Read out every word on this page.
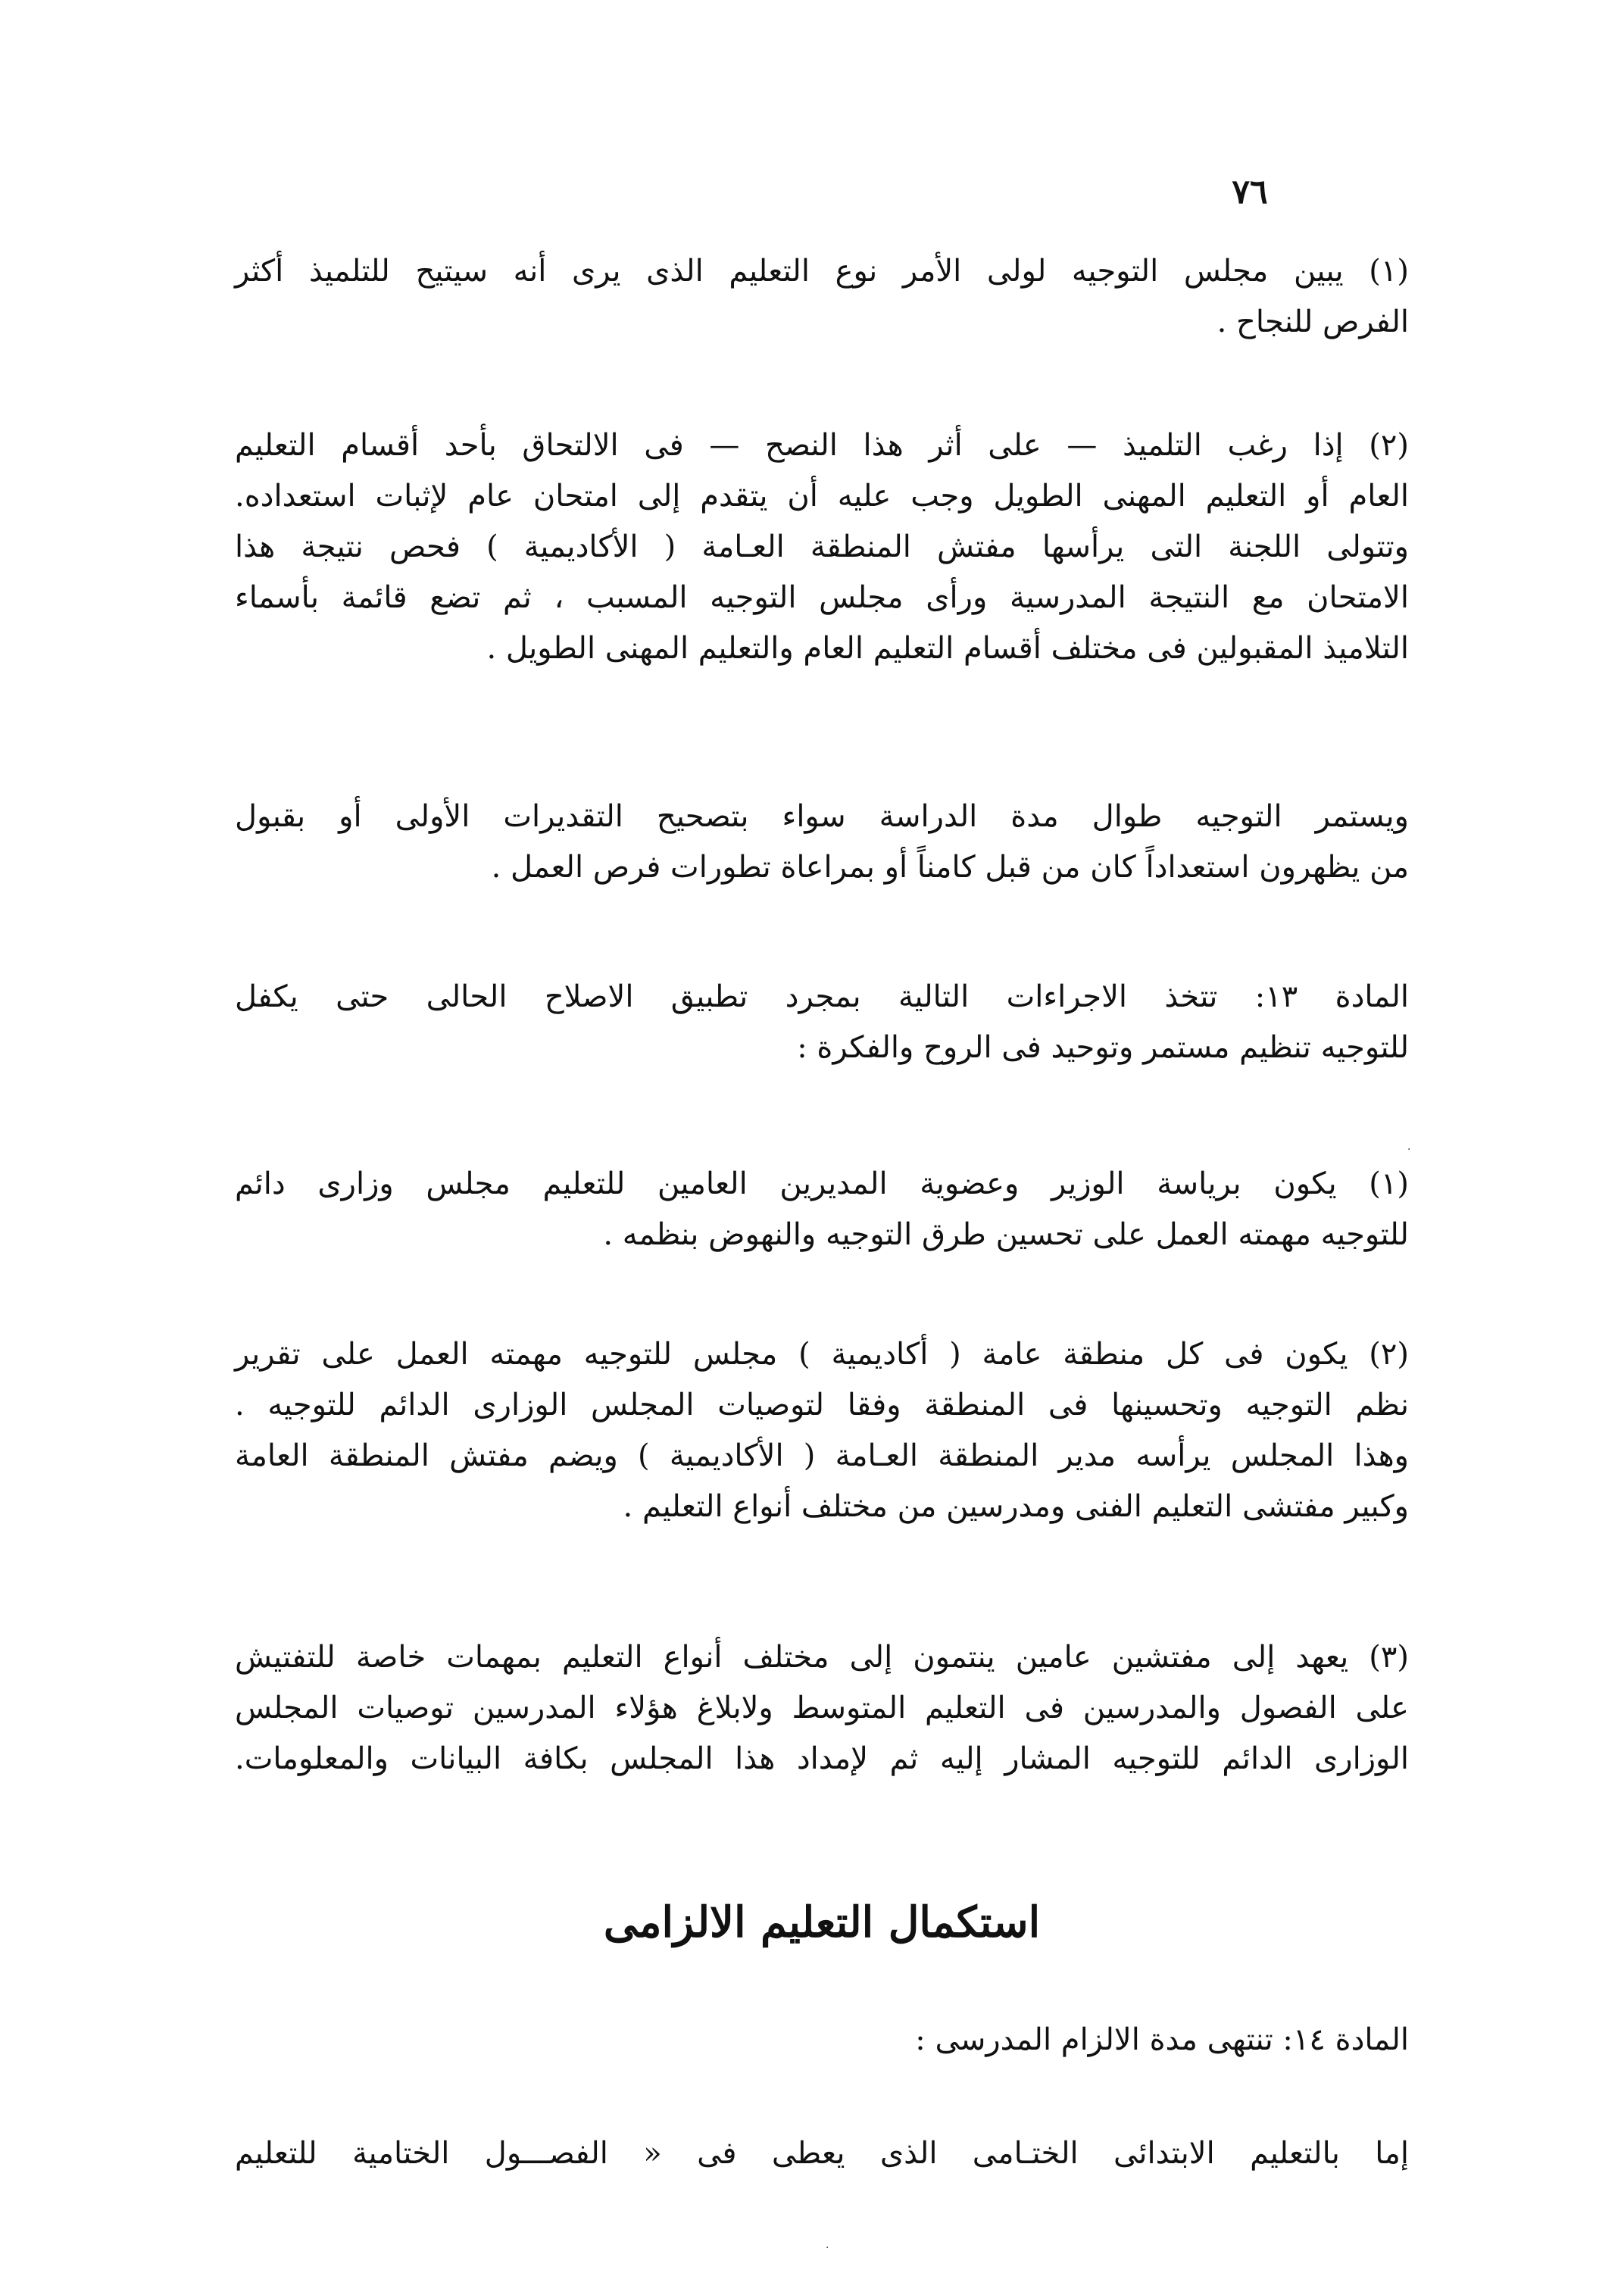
٧٦
(١) يبين مجلس التوجيه لولى الأمر نوع التعليم الذى يرى أنه سيتيح للتلميذ أكثر
الفرص للنجاح .
(٢) إذا رغب التلميذ — على أثر هذا النصح — فى الالتحاق بأحد أقسام التعليم
العام أو التعليم المهنى الطويل وجب عليه أن يتقدم إلى امتحان عام لإثبات استعداده.
وتتولى اللجنة التى يرأسها مفتش المنطقة العـامة ( الأكاديمية ) فحص نتيجة هذا
الامتحان مع النتيجة المدرسية ورأى مجلس التوجيه المسبب ، ثم تضع قائمة بأسماء
التلاميذ المقبولين فى مختلف أقسام التعليم العام والتعليم المهنى الطويل .
ويستمر التوجيه طوال مدة الدراسة سواء بتصحيح التقديرات الأولى أو بقبول
من يظهرون استعداداً كان من قبل كامناً أو بمراعاة تطورات فرص العمل .
المادة ١٣: تتخذ الاجراءات التالية بمجرد تطبيق الاصلاح الحالى حتى يكفل
للتوجيه تنظيم مستمر وتوحيد فى الروح والفكرة :
(١) يكون برياسة الوزير وعضوية المديرين العامين للتعليم مجلس وزارى دائم
للتوجيه مهمته العمل على تحسين طرق التوجيه والنهوض بنظمه .
(٢) يكون فى كل منطقة عامة ( أكاديمية ) مجلس للتوجيه مهمته العمل على تقرير
نظم التوجيه وتحسينها فى المنطقة وفقا لتوصيات المجلس الوزارى الدائم للتوجيه .
وهذا المجلس يرأسه مدير المنطقة العـامة ( الأكاديمية ) ويضم مفتش المنطقة العامة
وكبير مفتشى التعليم الفنى ومدرسين من مختلف أنواع التعليم .
(٣) يعهد إلى مفتشين عامين ينتمون إلى مختلف أنواع التعليم بمهمات خاصة للتفتيش
على الفصول والمدرسين فى التعليم المتوسط ولابلاغ هؤلاء المدرسين توصيات المجلس
الوزارى الدائم للتوجيه المشار إليه ثم لإمداد هذا المجلس بكافة البيانات والمعلومات.
استكمال التعليم الالزامى
المادة ١٤: تنتهى مدة الالزام المدرسى :
إما بالتعليم الابتدائى الختـامى الذى يعطى فى « الفصـــول الختامية للتعليم
·
·
